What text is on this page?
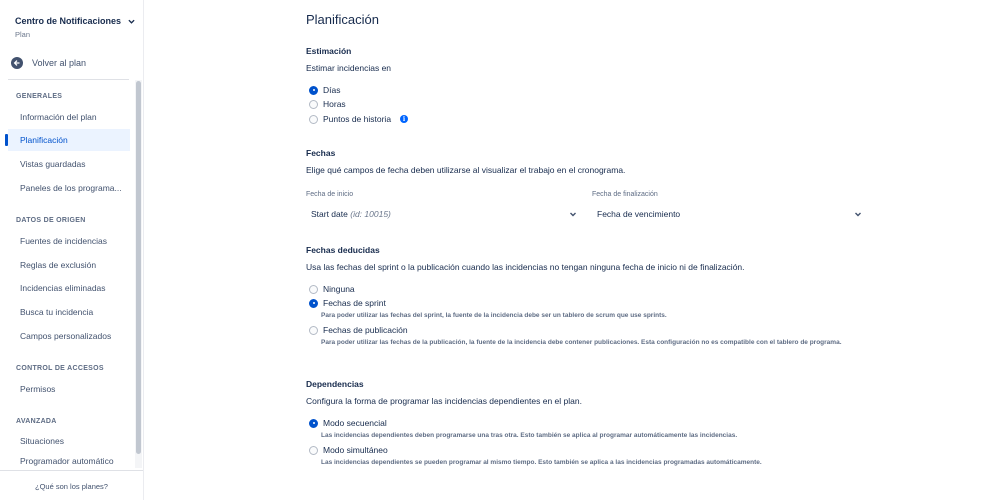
Centro de Notificaciones
Plan
Volver al plan
GENERALES
Información del plan
Planificación
Vistas guardadas
Paneles de los programa...
DATOS DE ORIGEN
Fuentes de incidencias
Reglas de exclusión
Incidencias eliminadas
Busca tu incidencia
Campos personalizados
CONTROL DE ACCESOS
Permisos
AVANZADA
Situaciones
Programador automático
¿Qué son los planes?
Planificación
Estimación
Estimar incidencias en
Días
Horas
Puntos de historia	i
Fechas
Elige qué campos de fecha deben utilizarse al visualizar el trabajo en el cronograma.
Fecha de inicio
Start date (id: 10015)
Fecha de finalización
Fecha de vencimiento
Fechas deducidas
Usa las fechas del sprint o la publicación cuando las incidencias no tengan ninguna fecha de inicio ni de finalización.
Ninguna
Fechas de sprint
Para poder utilizar las fechas del sprint, la fuente de la incidencia debe ser un tablero de scrum que use sprints.
Fechas de publicación
Para poder utilizar las fechas de la publicación, la fuente de la incidencia debe contener publicaciones. Esta configuración no es compatible con el tablero de programa.
Dependencias
Configura la forma de programar las incidencias dependientes en el plan.
Modo secuencial
Las incidencias dependientes deben programarse una tras otra. Esto también se aplica al programar automáticamente las incidencias.
Modo simultáneo
Las incidencias dependientes se pueden programar al mismo tiempo. Esto también se aplica a las incidencias programadas automáticamente.
